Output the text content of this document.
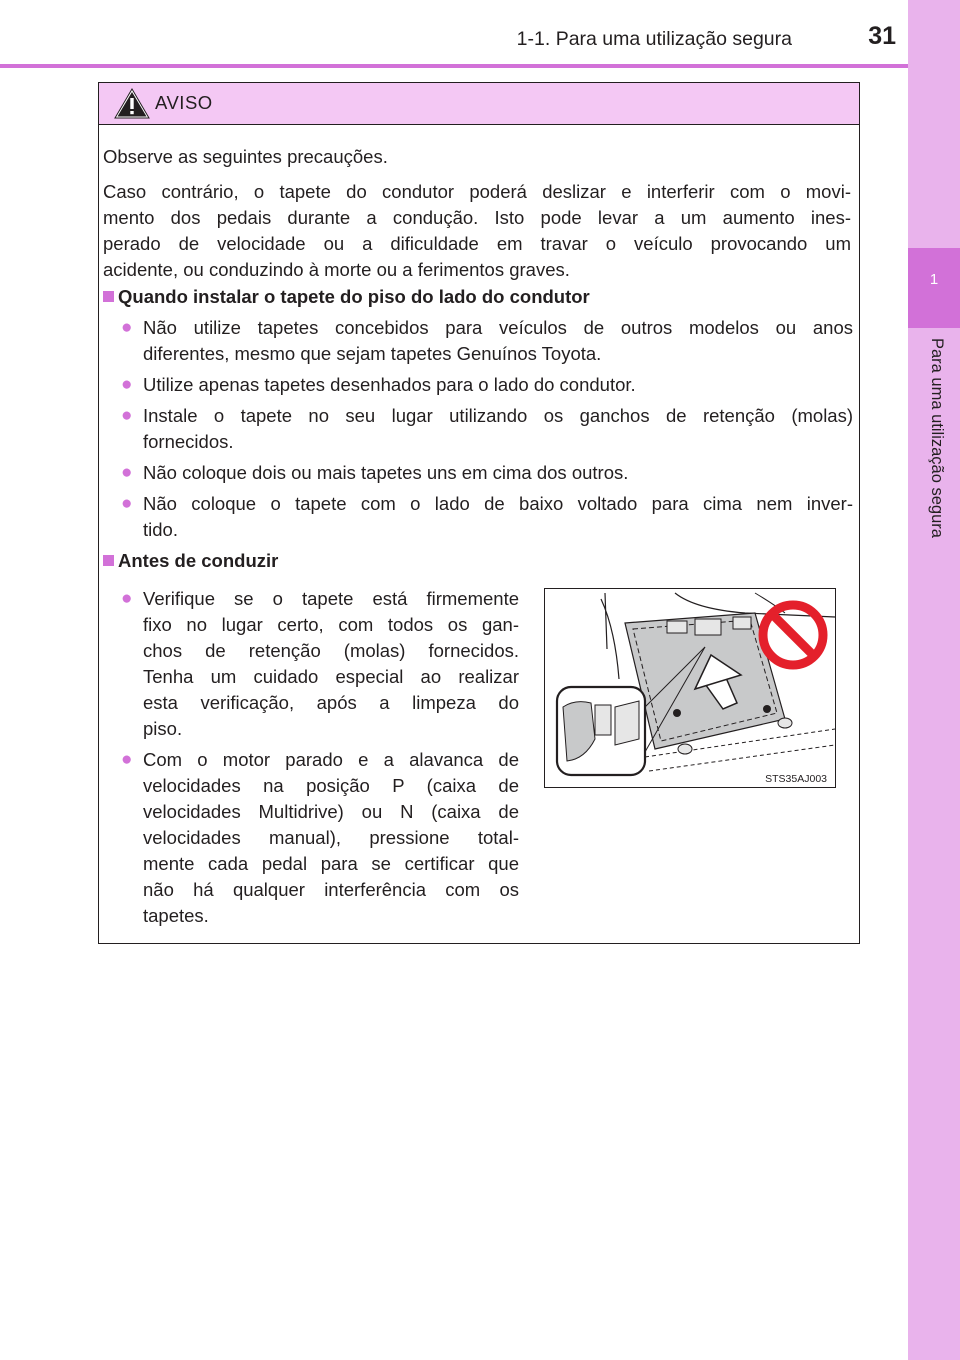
1
Para uma utilização segura
1-1. Para uma utilização segura	31
AVISO
Observe as seguintes precauções.
Caso contrário, o tapete do condutor poderá deslizar e interferir com o movi-
mento dos pedais durante a condução. Isto pode levar a um aumento ines-
perado de velocidade ou a dificuldade em travar o veículo provocando um
acidente, ou conduzindo à morte ou a ferimentos graves.
Quando instalar o tapete do piso do lado do condutor
● Não utilize tapetes concebidos para veículos de outros modelos ou anos
diferentes, mesmo que sejam tapetes Genuínos Toyota.
● Utilize apenas tapetes desenhados para o lado do condutor.
● Instale o tapete no seu lugar utilizando os ganchos de retenção (molas)
fornecidos.
● Não coloque dois ou mais tapetes uns em cima dos outros.
● Não coloque o tapete com o lado de baixo voltado para cima nem inver-
tido.
Antes de conduzir
● Verifique se o tapete está firmemente
fixo no lugar certo, com todos os gan-
chos de retenção (molas) fornecidos.
Tenha um cuidado especial ao realizar
esta verificação, após a limpeza do
piso.
● Com o motor parado e a alavanca de
velocidades na posição P (caixa de
velocidades Multidrive) ou N (caixa de
velocidades manual), pressione total-
mente cada pedal para se certificar que
não há qualquer interferência com os
tapetes.
STS35AJ003
